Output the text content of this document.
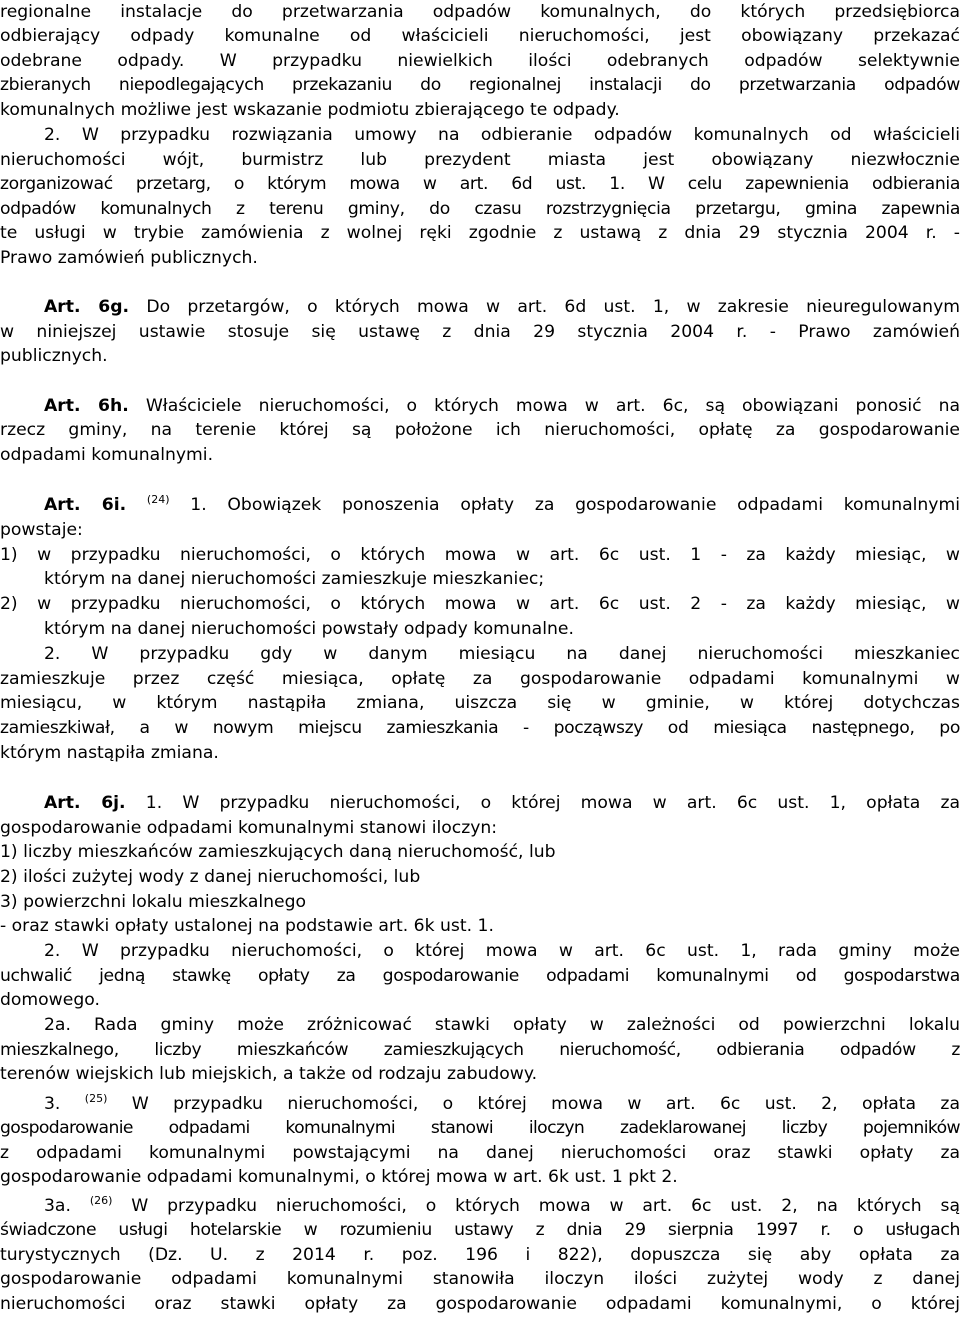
regionalne instalacje do przetwarzania odpadów komunalnych, do których przedsiębiorca
odbierający odpady komunalne od właścicieli nieruchomości, jest obowiązany przekazać
odebrane odpady. W przypadku niewielkich ilości odebranych odpadów selektywnie
zbieranych niepodlegających przekazaniu do regionalnej instalacji do przetwarzania odpadów
komunalnych możliwe jest wskazanie podmiotu zbierającego te odpady.
2. W przypadku rozwiązania umowy na odbieranie odpadów komunalnych od właścicieli
nieruchomości wójt, burmistrz lub prezydent miasta jest obowiązany niezwłocznie
zorganizować przetarg, o którym mowa w art. 6d ust. 1. W celu zapewnienia odbierania
odpadów komunalnych z terenu gminy, do czasu rozstrzygnięcia przetargu, gmina zapewnia
te usługi w trybie zamówienia z wolnej ręki zgodnie z ustawą z dnia 29 stycznia 2004 r. -
Prawo zamówień publicznych.
Art. 6g. Do przetargów, o których mowa w art. 6d ust. 1, w zakresie nieuregulowanym
w niniejszej ustawie stosuje się ustawę z dnia 29 stycznia 2004 r. - Prawo zamówień
publicznych.
Art. 6h. Właściciele nieruchomości, o których mowa w art. 6c, są obowiązani ponosić na
rzecz gminy, na terenie której są położone ich nieruchomości, opłatę za gospodarowanie
odpadami komunalnymi.
Art. 6i. $^{(24)}$ 1. Obowiązek ponoszenia opłaty za gospodarowanie odpadami komunalnymi
powstaje:
1) w przypadku nieruchomości, o których mowa w art. 6c ust. 1 - za każdy miesiąc, w
którym na danej nieruchomości zamieszkuje mieszkaniec;
2) w przypadku nieruchomości, o których mowa w art. 6c ust. 2 - za każdy miesiąc, w
którym na danej nieruchomości powstały odpady komunalne.
2. W przypadku gdy w danym miesiącu na danej nieruchomości mieszkaniec
zamieszkuje przez część miesiąca, opłatę za gospodarowanie odpadami komunalnymi w
miesiącu, w którym nastąpiła zmiana, uiszcza się w gminie, w której dotychczas
zamieszkiwał, a w nowym miejscu zamieszkania - począwszy od miesiąca następnego, po
którym nastąpiła zmiana.
Art. 6j. 1. W przypadku nieruchomości, o której mowa w art. 6c ust. 1, opłata za
gospodarowanie odpadami komunalnymi stanowi iloczyn:
1) liczby mieszkańców zamieszkujących daną nieruchomość, lub
2) ilości zużytej wody z danej nieruchomości, lub
3) powierzchni lokalu mieszkalnego
- oraz stawki opłaty ustalonej na podstawie art. 6k ust. 1.
2. W przypadku nieruchomości, o której mowa w art. 6c ust. 1, rada gminy może
uchwalić jedną stawkę opłaty za gospodarowanie odpadami komunalnymi od gospodarstwa
domowego.
2a. Rada gminy może zróżnicować stawki opłaty w zależności od powierzchni lokalu
mieszkalnego, liczby mieszkańców zamieszkujących nieruchomość, odbierania odpadów z
terenów wiejskich lub miejskich, a także od rodzaju zabudowy.
3. $^{(25)}$ W przypadku nieruchomości, o której mowa w art. 6c ust. 2, opłata za
gospodarowanie odpadami komunalnymi stanowi iloczyn zadeklarowanej liczby pojemników
z odpadami komunalnymi powstającymi na danej nieruchomości oraz stawki opłaty za
gospodarowanie odpadami komunalnymi, o której mowa w art. 6k ust. 1 pkt 2.
3a. $^{(26)}$ W przypadku nieruchomości, o których mowa w art. 6c ust. 2, na których są
świadczone usługi hotelarskie w rozumieniu ustawy z dnia 29 sierpnia 1997 r. o usługach
turystycznych (Dz. U. z 2014 r. poz. 196 i 822), dopuszcza się aby opłata za
gospodarowanie odpadami komunalnymi stanowiła iloczyn ilości zużytej wody z danej
nieruchomości oraz stawki opłaty za gospodarowanie odpadami komunalnymi, o której
